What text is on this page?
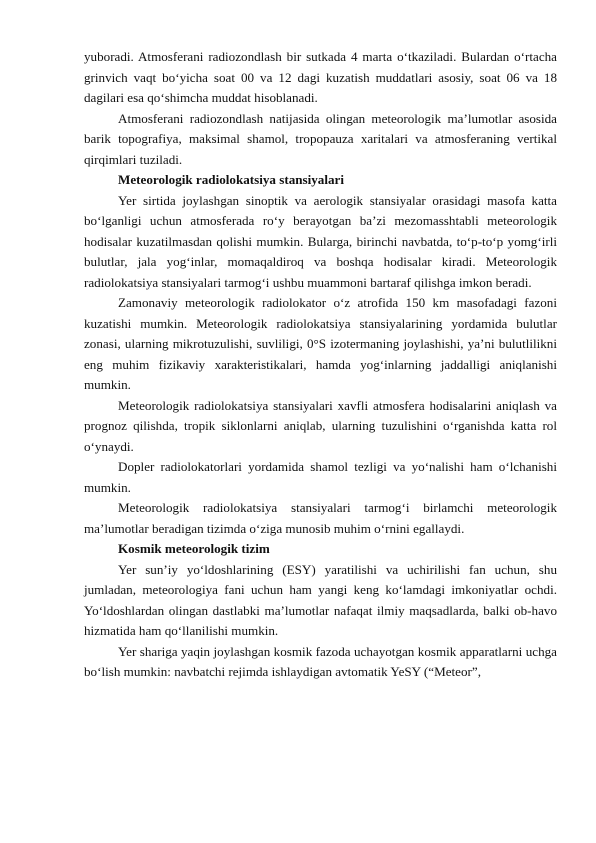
yuboradi. Atmosferani radiozondlash bir sutkada 4 marta o‘tkaziladi. Bulardan o‘rtacha grinvich vaqt bo‘yicha soat 00 va 12 dagi kuzatish muddatlari asosiy, soat 06 va 18 dagilari esa qo‘shimcha muddat hisoblanadi.

Atmosferani radiozondlash natijasida olingan meteorologik ma’lumotlar asosida barik topografiya, maksimal shamol, tropopauza xaritalari va atmosferaning vertikal qirqimlari tuziladi.

Meteorologik radiolokatsiya stansiyalari

Yer sirtida joylashgan sinoptik va aerologik stansiyalar orasidagi masofa katta bo‘lganligi uchun atmosferada ro‘y berayotgan ba’zi mezomasshtabli meteorologik hodisalar kuzatilmasdan qolishi mumkin. Bularga, birinchi navbatda, to‘p-to‘p yomg‘irli bulutlar, jala yog‘inlar, momaqaldiroq va boshqa hodisalar kiradi. Meteorologik radiolokatsiya stansiyalari tarmog‘i ushbu muammoni bartaraf qilishga imkon beradi.

Zamonaviy meteorologik radiolokator o‘z atrofida 150 km masofadagi fazoni kuzatishi mumkin. Meteorologik radiolokatsiya stansiyalarining yordamida bulutlar zonasi, ularning mikrotuzulishi, suvliligi, 0°S izotermaning joylashishi, ya’ni bulutlilikni eng muhim fizikaviy xarakteristikalari, hamda yog‘inlarning jaddalligi aniqlanishi mumkin.

Meteorologik radiolokatsiya stansiyalari xavfli atmosfera hodisalarini aniqlash va prognoz qilishda, tropik siklonlarni aniqlab, ularning tuzulishini o‘rganishda katta rol o‘ynaydi.

Dopler radiolokatorlari yordamida shamol tezligi va yo‘nalishi ham o‘lchanishi mumkin.

Meteorologik radiolokatsiya stansiyalari tarmog‘i birlamchi meteorologik ma’lumotlar beradigan tizimda o‘ziga munosib muhim o‘rnini egallaydi.

Kosmik meteorologik tizim

Yer sun’iy yo‘ldoshlarining (ESY) yaratilishi va uchirilishi fan uchun, shu jumladan, meteorologiya fani uchun ham yangi keng ko‘lamdagi imkoniyatlar ochdi. Yo‘ldoshlardan olingan dastlabki ma’lumotlar nafaqat ilmiy maqsadlarda, balki ob-havo hizmatida ham qo‘llanilishi mumkin.

Yer shariga yaqin joylashgan kosmik fazoda uchayotgan kosmik apparatlarni uchga bo‘lish mumkin: navbatchi rejimda ishlaydigan avtomatik YeSY (“Meteor”,
